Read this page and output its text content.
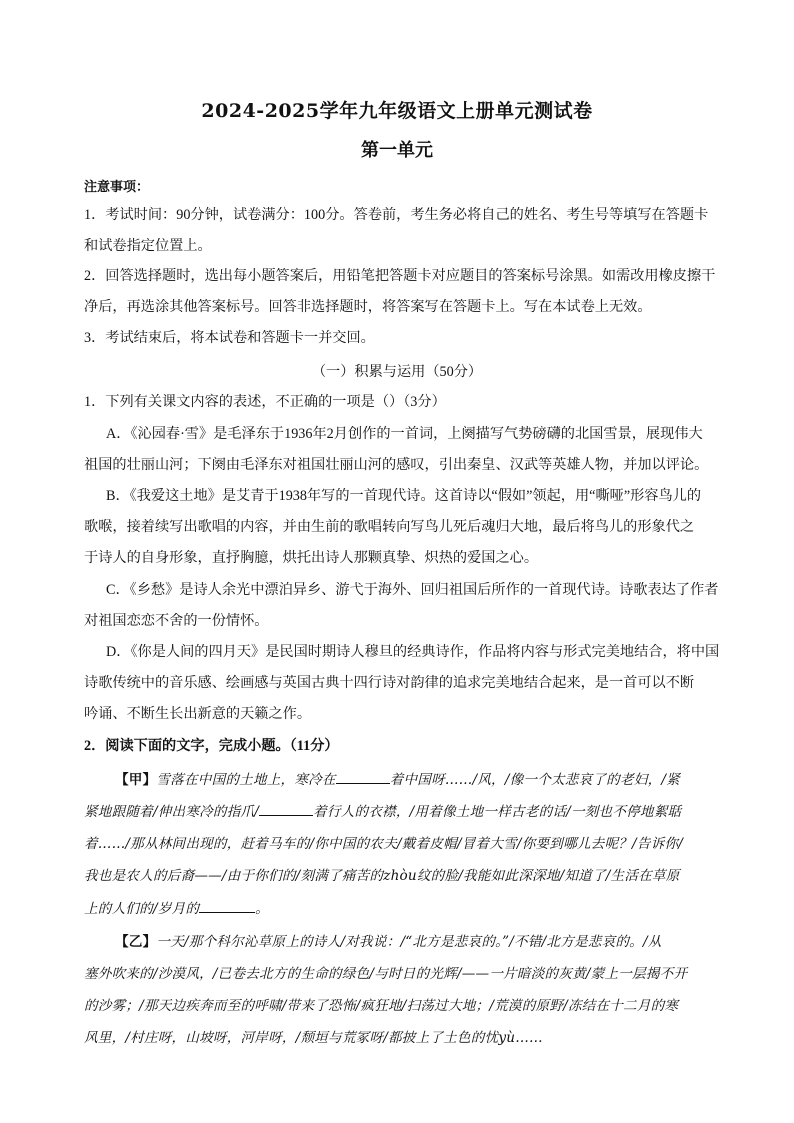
2024-2025学年九年级语文上册单元测试卷
第一单元
注意事项：
1．考试时间：90分钟，试卷满分：100分。答卷前，考生务必将自己的姓名、考生号等填写在答题卡
和试卷指定位置上。
2．回答选择题时，选出每小题答案后，用铅笔把答题卡对应题目的答案标号涂黑。如需改用橡皮擦干
净后，再选涂其他答案标号。回答非选择题时，将答案写在答题卡上。写在本试卷上无效。
3．考试结束后，将本试卷和答题卡一并交回。
（一）积累与运用（50分）
1．下列有关课文内容的表述，不正确的一项是（）（3分）
A．《沁园春·雪》是毛泽东于1936年2月创作的一首词，上阕描写气势磅礴的北国雪景，展现伟大
祖国的壮丽山河；下阕由毛泽东对祖国壮丽山河的感叹，引出秦皇、汉武等英雄人物，并加以评论。
B．《我爱这土地》是艾青于1938年写的一首现代诗。这首诗以“假如”领起，用“嘶哑”形容鸟儿的
歌喉，接着续写出歌唱的内容，并由生前的歌唱转向写鸟儿死后魂归大地，最后将鸟儿的形象代之
于诗人的自身形象，直抒胸臆，烘托出诗人那颗真挚、炽热的爱国之心。
C．《乡愁》是诗人余光中漂泊异乡、游弋于海外、回归祖国后所作的一首现代诗。诗歌表达了作者
对祖国恋恋不舍的一份情怀。
D．《你是人间的四月天》是民国时期诗人穆旦的经典诗作，作品将内容与形式完美地结合，将中国
诗歌传统中的音乐感、绘画感与英国古典十四行诗对韵律的追求完美地结合起来，是一首可以不断
吟诵、不断生长出新意的天籁之作。
2．阅读下面的文字，完成小题。（11分）
【甲】雪落在中国的土地上，寒冷在	着中国呀……/风，/像一个太悲哀了的老妇，/紧
紧地跟随着/伸出寒冷的指爪/	着行人的衣襟，/用着像土地一样古老的话/一刻也不停地絮聒
着……/那从林间出现的，赶着马车的/你中国的农夫/戴着皮帽/冒着大雪/你要到哪儿去呢？/告诉你/
我也是农人的后裔——/由于你们的/刻满了痛苦的zhòu纹的脸/我能如此深深地/知道了/生活在草原
上的人们的/岁月的	。
【乙】一天/那个科尔沁草原上的诗人/对我说：/“北方是悲哀的。”/不错/北方是悲哀的。/从
塞外吹来的/沙漠风，/已卷去北方的生命的绿色/与时日的光辉/——一片暗淡的灰黄/蒙上一层揭不开
的沙雾；/那天边疾奔而至的呼啸/带来了恐怖/疯狂地/扫荡过大地；/荒漠的原野/冻结在十二月的寒
风里，/村庄呀，山坡呀，河岸呀，/颓垣与荒冢呀/都披上了土色的忧yù……
